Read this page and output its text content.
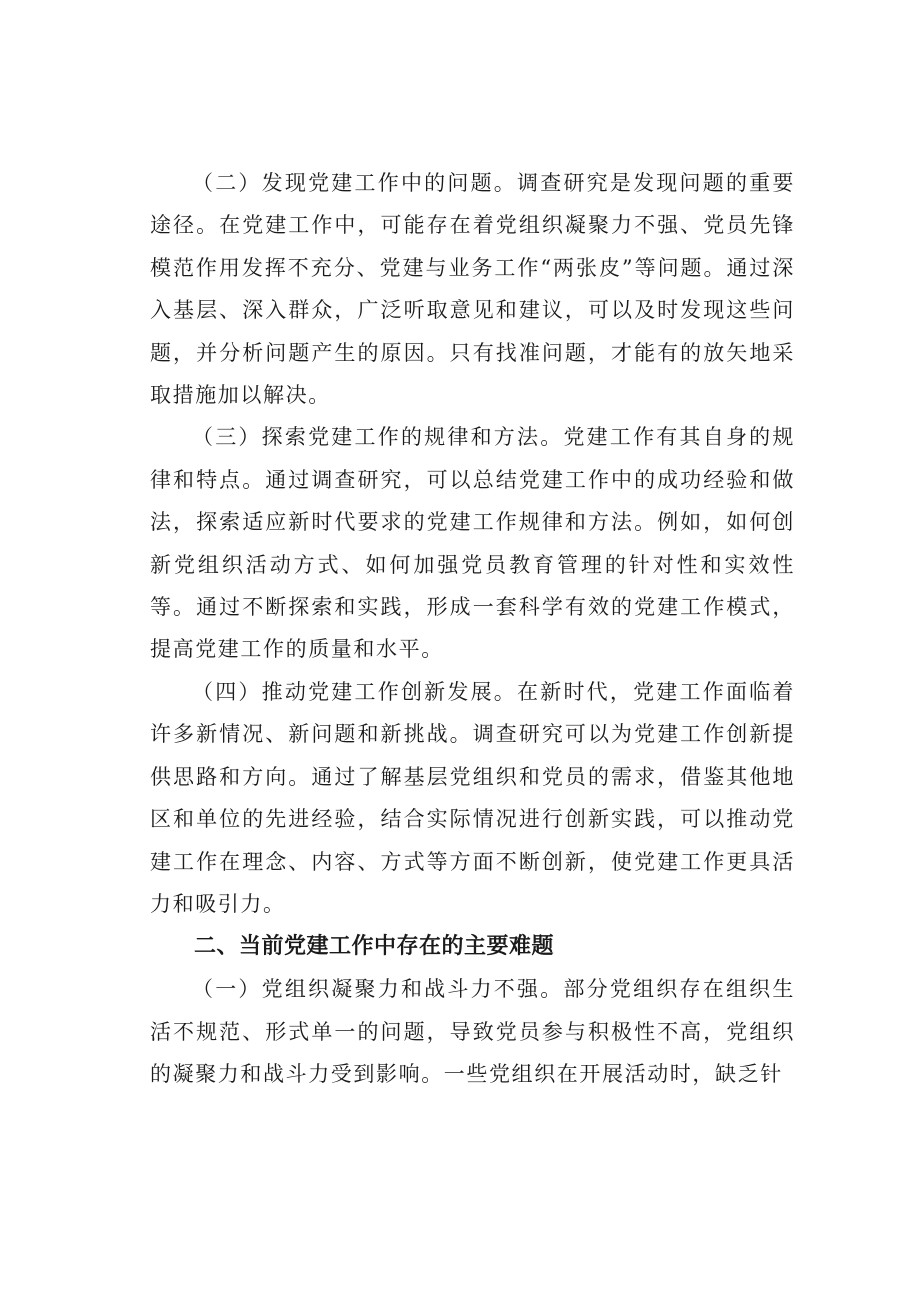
（二）发现党建工作中的问题。调查研究是发现问题的重要途径。在党建工作中，可能存在着党组织凝聚力不强、党员先锋模范作用发挥不充分、党建与业务工作“两张皮”等问题。通过深入基层、深入群众，广泛听取意见和建议，可以及时发现这些问题，并分析问题产生的原因。只有找准问题，才能有的放矢地采取措施加以解决。

（三）探索党建工作的规律和方法。党建工作有其自身的规律和特点。通过调查研究，可以总结党建工作中的成功经验和做法，探索适应新时代要求的党建工作规律和方法。例如，如何创新党组织活动方式、如何加强党员教育管理的针对性和实效性等。通过不断探索和实践，形成一套科学有效的党建工作模式，提高党建工作的质量和水平。

（四）推动党建工作创新发展。在新时代，党建工作面临着许多新情况、新问题和新挑战。调查研究可以为党建工作创新提供思路和方向。通过了解基层党组织和党员的需求，借鉴其他地区和单位的先进经验，结合实际情况进行创新实践，可以推动党建工作在理念、内容、方式等方面不断创新，使党建工作更具活力和吸引力。

二、当前党建工作中存在的主要难题

（一）党组织凝聚力和战斗力不强。部分党组织存在组织生活不规范、形式单一的问题，导致党员参与积极性不高，党组织的凝聚力和战斗力受到影响。一些党组织在开展活动时，缺乏针
